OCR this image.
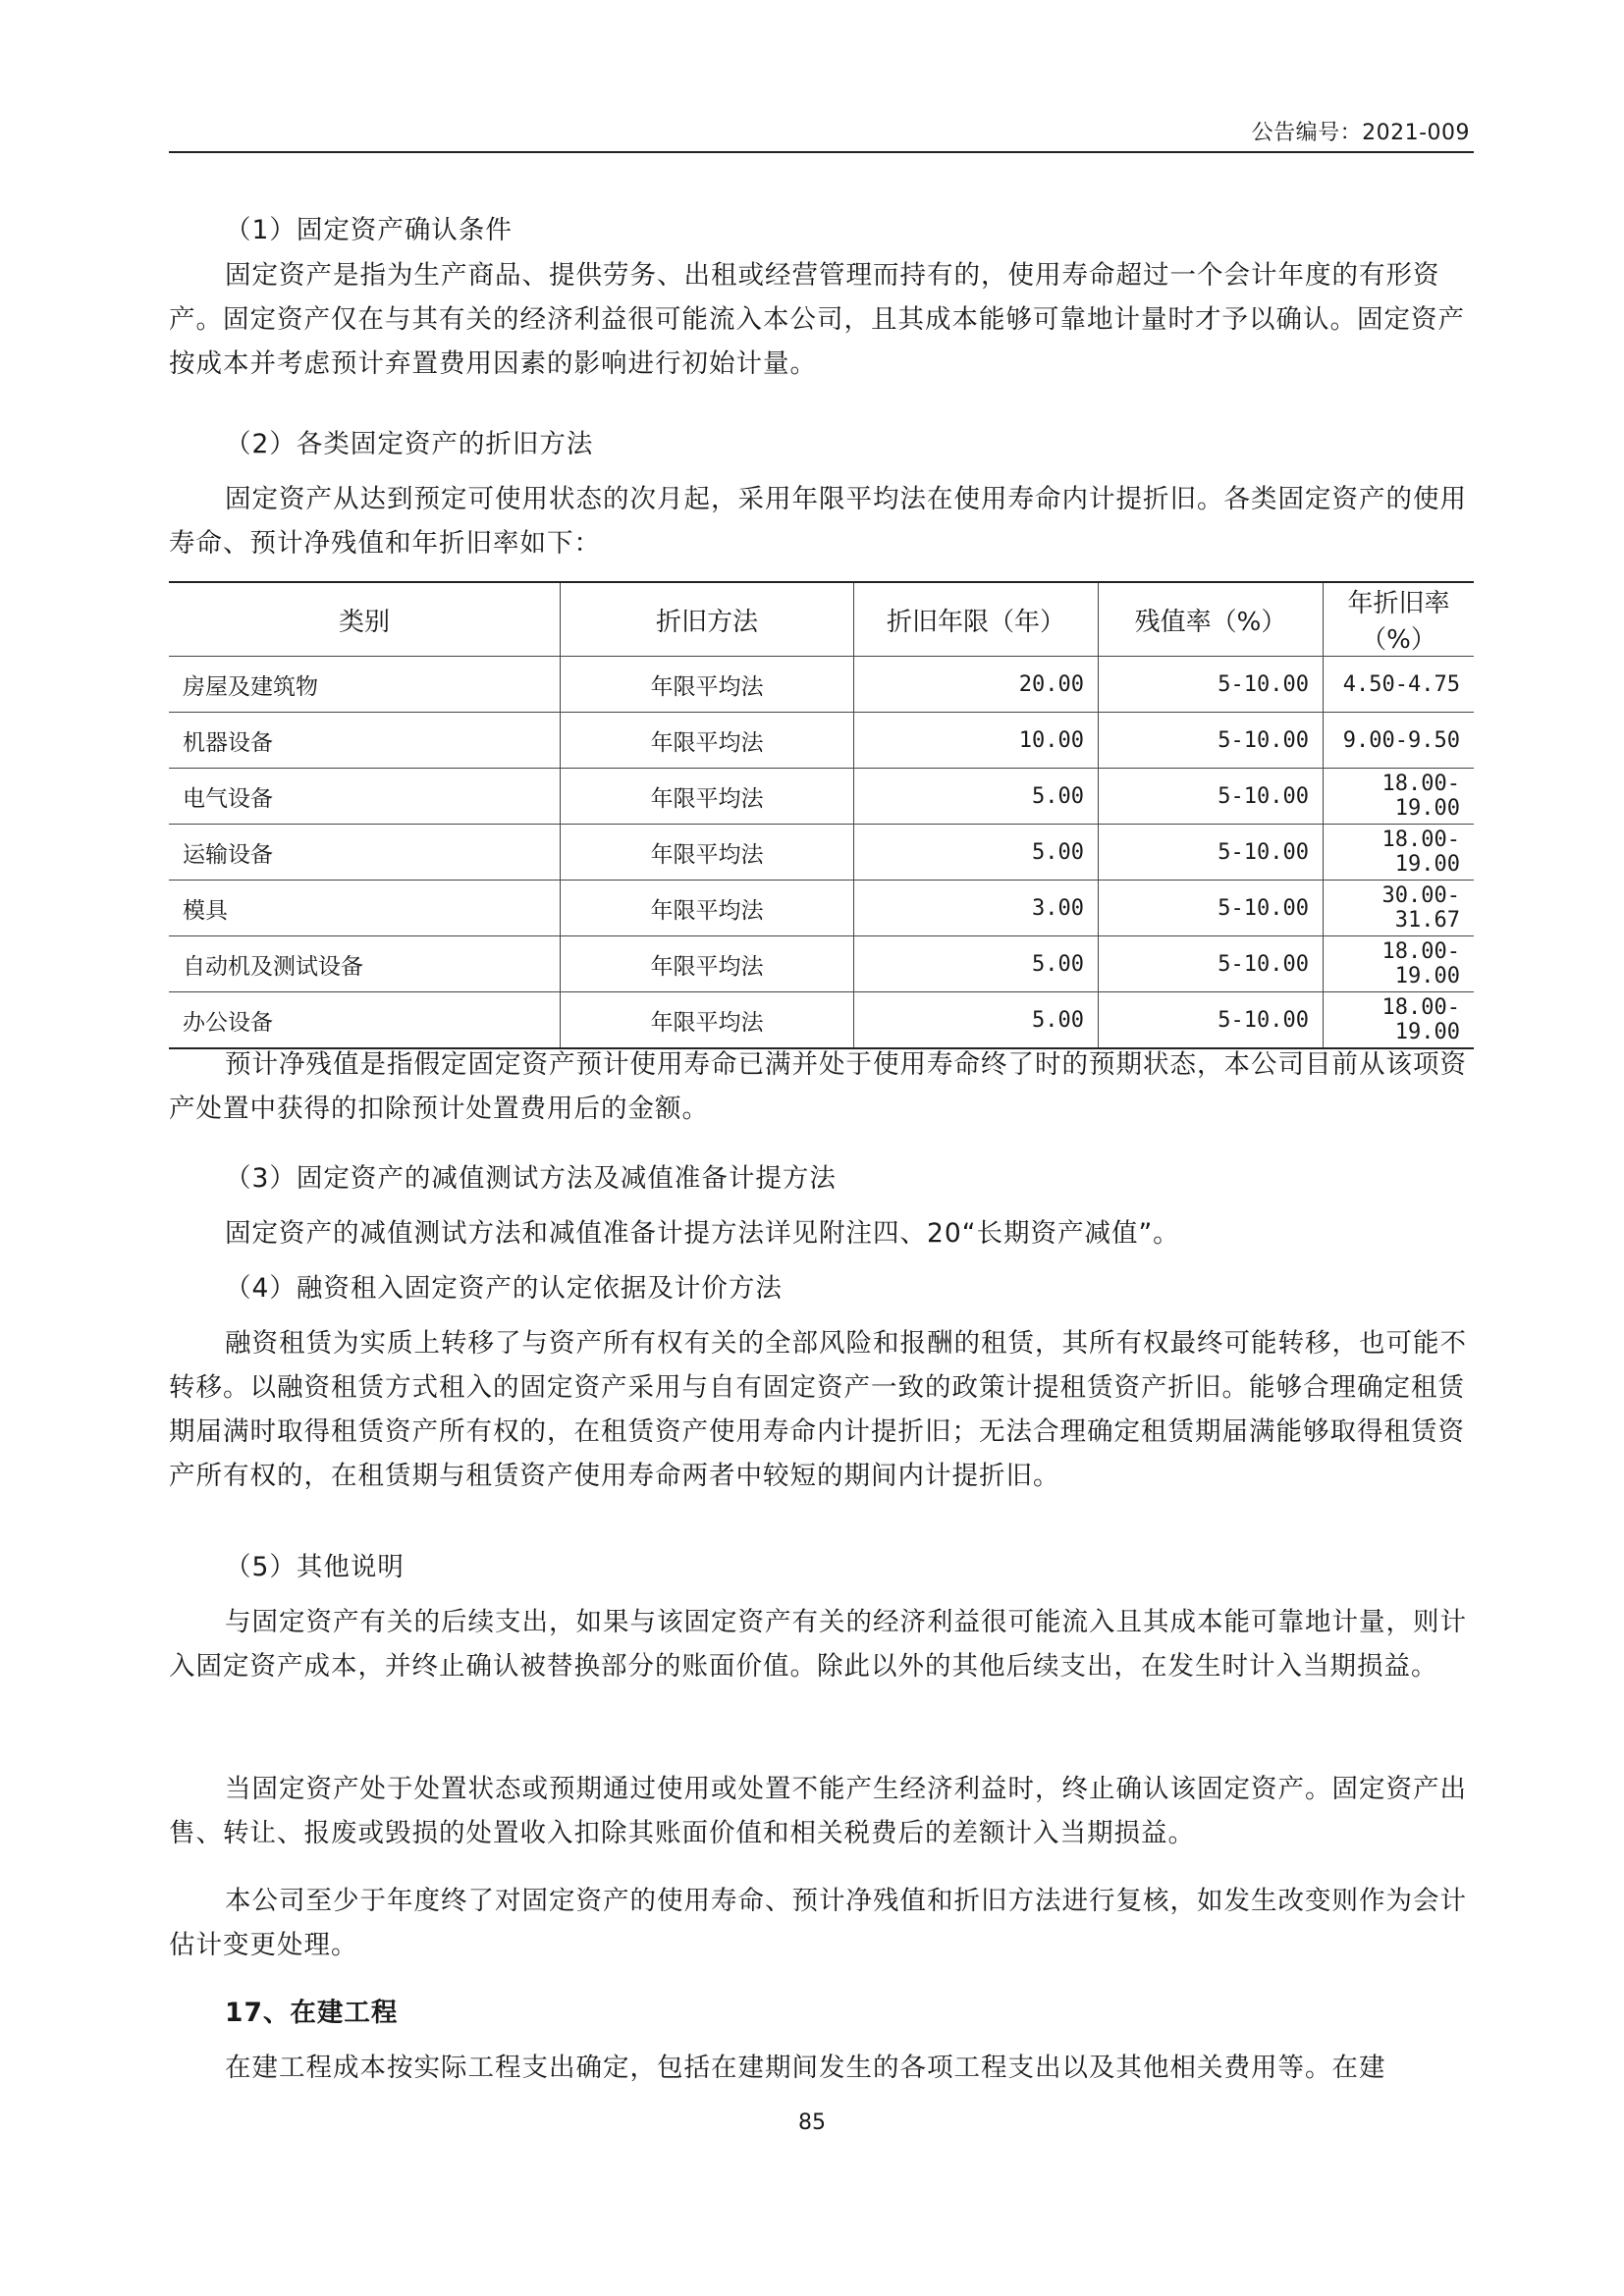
公告编号：2021-009

（1）固定资产确认条件

固定资产是指为生产商品、提供劳务、出租或经营管理而持有的，使用寿命超过一个会计年度的有形资产。固定资产仅在与其有关的经济利益很可能流入本公司，且其成本能够可靠地计量时才予以确认。固定资产按成本并考虑预计弃置费用因素的影响进行初始计量。

（2）各类固定资产的折旧方法

固定资产从达到预定可使用状态的次月起，采用年限平均法在使用寿命内计提折旧。各类固定资产的使用寿命、预计净残值和年折旧率如下：

类别	折旧方法	折旧年限（年）	残值率（%）	年折旧率（%）
房屋及建筑物	年限平均法	20.00	5-10.00	4.50-4.75
机器设备	年限平均法	10.00	5-10.00	9.00-9.50
电气设备	年限平均法	5.00	5-10.00	18.00-19.00
运输设备	年限平均法	5.00	5-10.00	18.00-19.00
模具	年限平均法	3.00	5-10.00	30.00-31.67
自动机及测试设备	年限平均法	5.00	5-10.00	18.00-19.00
办公设备	年限平均法	5.00	5-10.00	18.00-19.00

预计净残值是指假定固定资产预计使用寿命已满并处于使用寿命终了时的预期状态，本公司目前从该项资产处置中获得的扣除预计处置费用后的金额。

（3）固定资产的减值测试方法及减值准备计提方法

固定资产的减值测试方法和减值准备计提方法详见附注四、20“长期资产减值”。

（4）融资租入固定资产的认定依据及计价方法

融资租赁为实质上转移了与资产所有权有关的全部风险和报酬的租赁，其所有权最终可能转移，也可能不转移。以融资租赁方式租入的固定资产采用与自有固定资产一致的政策计提租赁资产折旧。能够合理确定租赁期届满时取得租赁资产所有权的，在租赁资产使用寿命内计提折旧；无法合理确定租赁期届满能够取得租赁资产所有权的，在租赁期与租赁资产使用寿命两者中较短的期间内计提折旧。

（5）其他说明

与固定资产有关的后续支出，如果与该固定资产有关的经济利益很可能流入且其成本能可靠地计量，则计入固定资产成本，并终止确认被替换部分的账面价值。除此以外的其他后续支出，在发生时计入当期损益。

当固定资产处于处置状态或预期通过使用或处置不能产生经济利益时，终止确认该固定资产。固定资产出售、转让、报废或毁损的处置收入扣除其账面价值和相关税费后的差额计入当期损益。

本公司至少于年度终了对固定资产的使用寿命、预计净残值和折旧方法进行复核，如发生改变则作为会计估计变更处理。

17、在建工程

在建工程成本按实际工程支出确定，包括在建期间发生的各项工程支出以及其他相关费用等。在建

85
